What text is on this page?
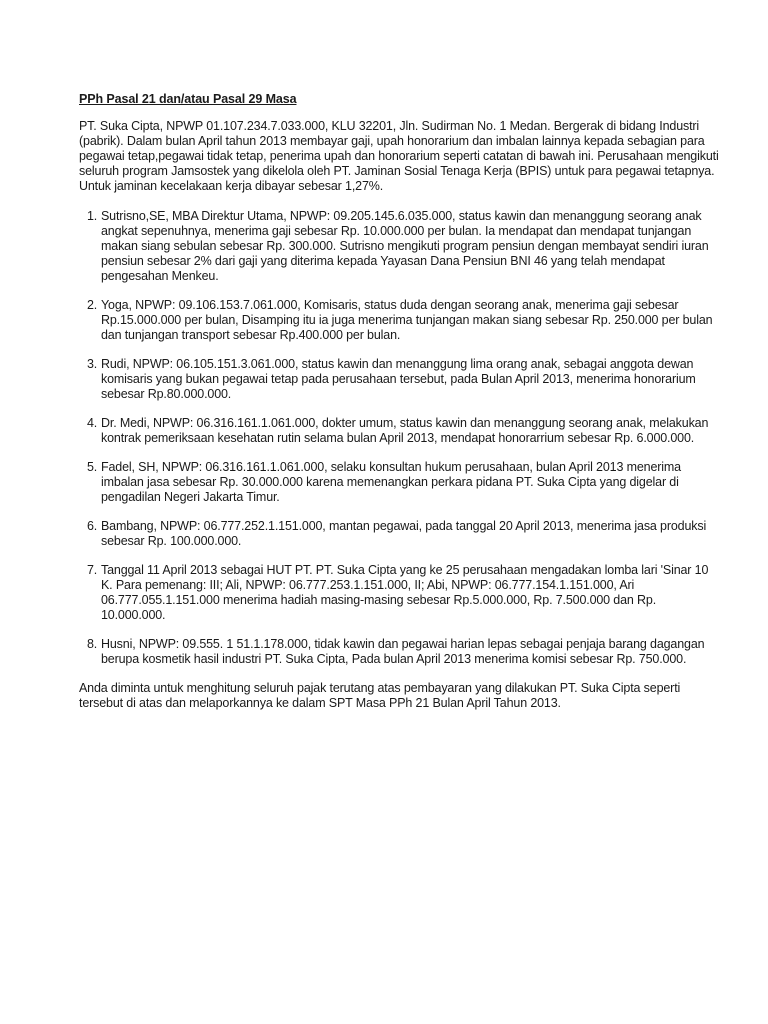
PPh Pasal 21 dan/atau Pasal 29 Masa
PT. Suka Cipta, NPWP 01.107.234.7.033.000, KLU 32201, Jln. Sudirman No. 1 Medan. Bergerak di bidang Industri (pabrik). Dalam bulan April tahun 2013 membayar gaji, upah honorarium dan imbalan lainnya kepada sebagian para pegawai tetap,pegawai tidak tetap, penerima upah dan honorarium seperti catatan di bawah ini. Perusahaan mengikuti seluruh program Jamsostek yang dikelola oleh PT. Jaminan Sosial Tenaga Kerja (BPIS) untuk para pegawai tetapnya. Untuk jaminan kecelakaan kerja dibayar sebesar 1,27%.
1. Sutrisno,SE, MBA Direktur Utama, NPWP: 09.205.145.6.035.000, status kawin dan menanggung seorang anak angkat sepenuhnya, menerima gaji sebesar Rp. 10.000.000 per bulan. Ia mendapat dan mendapat tunjangan makan siang sebulan sebesar Rp. 300.000. Sutrisno mengikuti program pensiun dengan membayat sendiri iuran pensiun sebesar 2% dari gaji yang diterima kepada Yayasan Dana Pensiun BNI 46 yang telah mendapat pengesahan Menkeu.
2. Yoga, NPWP: 09.106.153.7.061.000, Komisaris, status duda dengan seorang anak, menerima gaji sebesar Rp.15.000.000 per bulan, Disamping itu ia juga menerima tunjangan makan siang sebesar Rp. 250.000 per bulan dan tunjangan transport sebesar Rp.400.000 per bulan.
3. Rudi, NPWP: 06.105.151.3.061.000, status kawin dan menanggung lima orang anak, sebagai anggota dewan komisaris yang bukan pegawai tetap pada perusahaan tersebut, pada Bulan April 2013, menerima honorarium sebesar Rp.80.000.000.
4. Dr. Medi, NPWP: 06.316.161.1.061.000, dokter umum, status kawin dan menanggung seorang anak, melakukan kontrak pemeriksaan kesehatan rutin selama bulan April 2013, mendapat honorarrium sebesar Rp. 6.000.000.
5. Fadel, SH, NPWP: 06.316.161.1.061.000, selaku konsultan hukum perusahaan, bulan April 2013 menerima imbalan jasa sebesar Rp. 30.000.000 karena memenangkan perkara pidana PT. Suka Cipta yang digelar di pengadilan Negeri Jakarta Timur.
6. Bambang, NPWP: 06.777.252.1.151.000, mantan pegawai, pada tanggal 20 April 2013, menerima jasa produksi sebesar Rp. 100.000.000.
7. Tanggal 11 April 2013 sebagai HUT PT. PT. Suka Cipta yang ke 25 perusahaan mengadakan lomba lari 'Sinar 10 K. Para pemenang: III; Ali, NPWP: 06.777.253.1.151.000, II; Abi, NPWP: 06.777.154.1.151.000, Ari 06.777.055.1.151.000 menerima hadiah masing-masing sebesar Rp.5.000.000, Rp. 7.500.000 dan Rp. 10.000.000.
8. Husni, NPWP: 09.555. 1 51.1.178.000, tidak kawin dan pegawai harian lepas sebagai penjaja barang dagangan berupa kosmetik hasil industri PT. Suka Cipta, Pada bulan April 2013 menerima komisi sebesar Rp. 750.000.
Anda diminta untuk menghitung seluruh pajak terutang atas pembayaran yang dilakukan PT. Suka Cipta seperti tersebut di atas dan melaporkannya ke dalam SPT Masa PPh 21 Bulan April Tahun 2013.
